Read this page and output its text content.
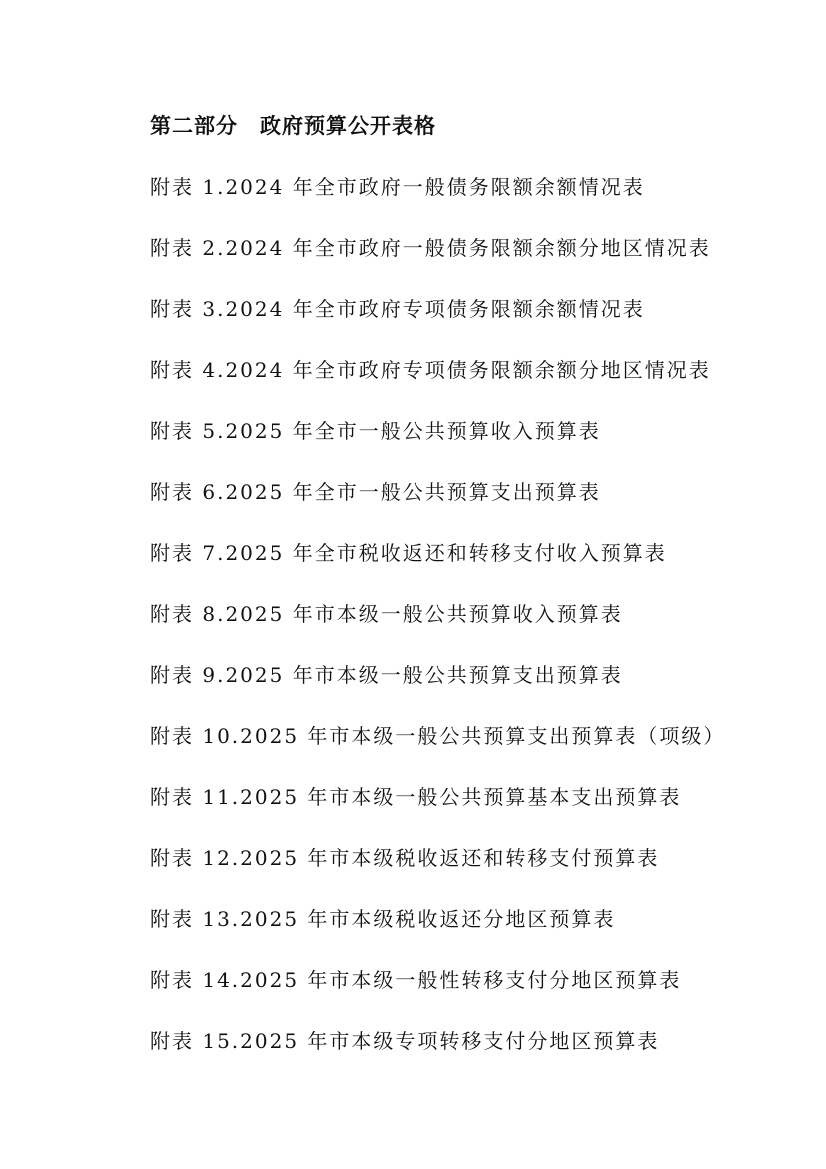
第二部分 政府预算公开表格
附表 1.2024 年全市政府一般债务限额余额情况表
附表 2.2024 年全市政府一般债务限额余额分地区情况表
附表 3.2024 年全市政府专项债务限额余额情况表
附表 4.2024 年全市政府专项债务限额余额分地区情况表
附表 5.2025 年全市一般公共预算收入预算表
附表 6.2025 年全市一般公共预算支出预算表
附表 7.2025 年全市税收返还和转移支付收入预算表
附表 8.2025 年市本级一般公共预算收入预算表
附表 9.2025 年市本级一般公共预算支出预算表
附表 10.2025 年市本级一般公共预算支出预算表（项级）
附表 11.2025 年市本级一般公共预算基本支出预算表
附表 12.2025 年市本级税收返还和转移支付预算表
附表 13.2025 年市本级税收返还分地区预算表
附表 14.2025 年市本级一般性转移支付分地区预算表
附表 15.2025 年市本级专项转移支付分地区预算表
